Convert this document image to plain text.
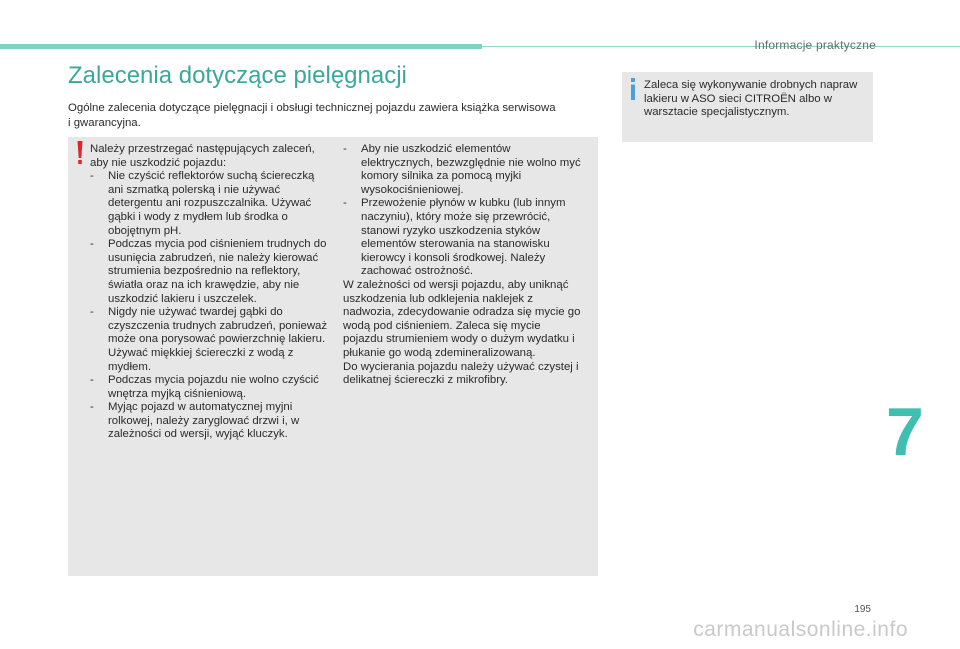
Informacje praktyczne
Zalecenia dotyczące pielęgnacji

Ogólne zalecenia dotyczące pielęgnacji i obsługi technicznej pojazdu zawiera książka serwisowa
i gwarancyjna.

Należy przestrzegać następujących zaleceń, aby nie uszkodzić pojazdu:

- Nie czyścić reflektorów suchą ściereczką ani szmatką polerską i nie używać detergentu ani rozpuszczalnika. Używać gąbki i wody z mydłem lub środka o obojętnym pH.
- Podczas mycia pod ciśnieniem trudnych do usunięcia zabrudzeń, nie należy kierować strumienia bezpośrednio na reflektory, światła oraz na ich krawędzie, aby nie uszkodzić lakieru i uszczelek.
- Nigdy nie używać twardej gąbki do czyszczenia trudnych zabrudzeń, ponieważ może ona porysować powierzchnię lakieru. Używać miękkiej ściereczki z wodą z mydłem.
- Podczas mycia pojazdu nie wolno czyścić wnętrza myjką ciśnieniową.
- Myjąc pojazd w automatycznej myjni rolkowej, należy zaryglować drzwi i, w zależności od wersji, wyjąć kluczyk.
- Aby nie uszkodzić elementów elektrycznych, bezwzględnie nie wolno myć komory silnika za pomocą myjki wysokociśnieniowej.
- Przewożenie płynów w kubku (lub innym naczyniu), który może się przewrócić, stanowi ryzyko uszkodzenia styków elementów sterowania na stanowisku kierowcy i konsoli środkowej. Należy zachować ostrożność.

W zależności od wersji pojazdu, aby uniknąć uszkodzenia lub odklejenia naklejek z nadwozia, zdecydowanie odradza się mycie go wodą pod ciśnieniem. Zaleca się mycie pojazdu strumieniem wody o dużym wydatku i płukanie go wodą zdemineralizowaną.

Do wycierania pojazdu należy używać czystej i delikatnej ściereczki z mikrofibry.

Zaleca się wykonywanie drobnych napraw lakieru w ASO sieci CITROËN albo w warsztacie specjalistycznym.

7
195
carmanualsonline.info
